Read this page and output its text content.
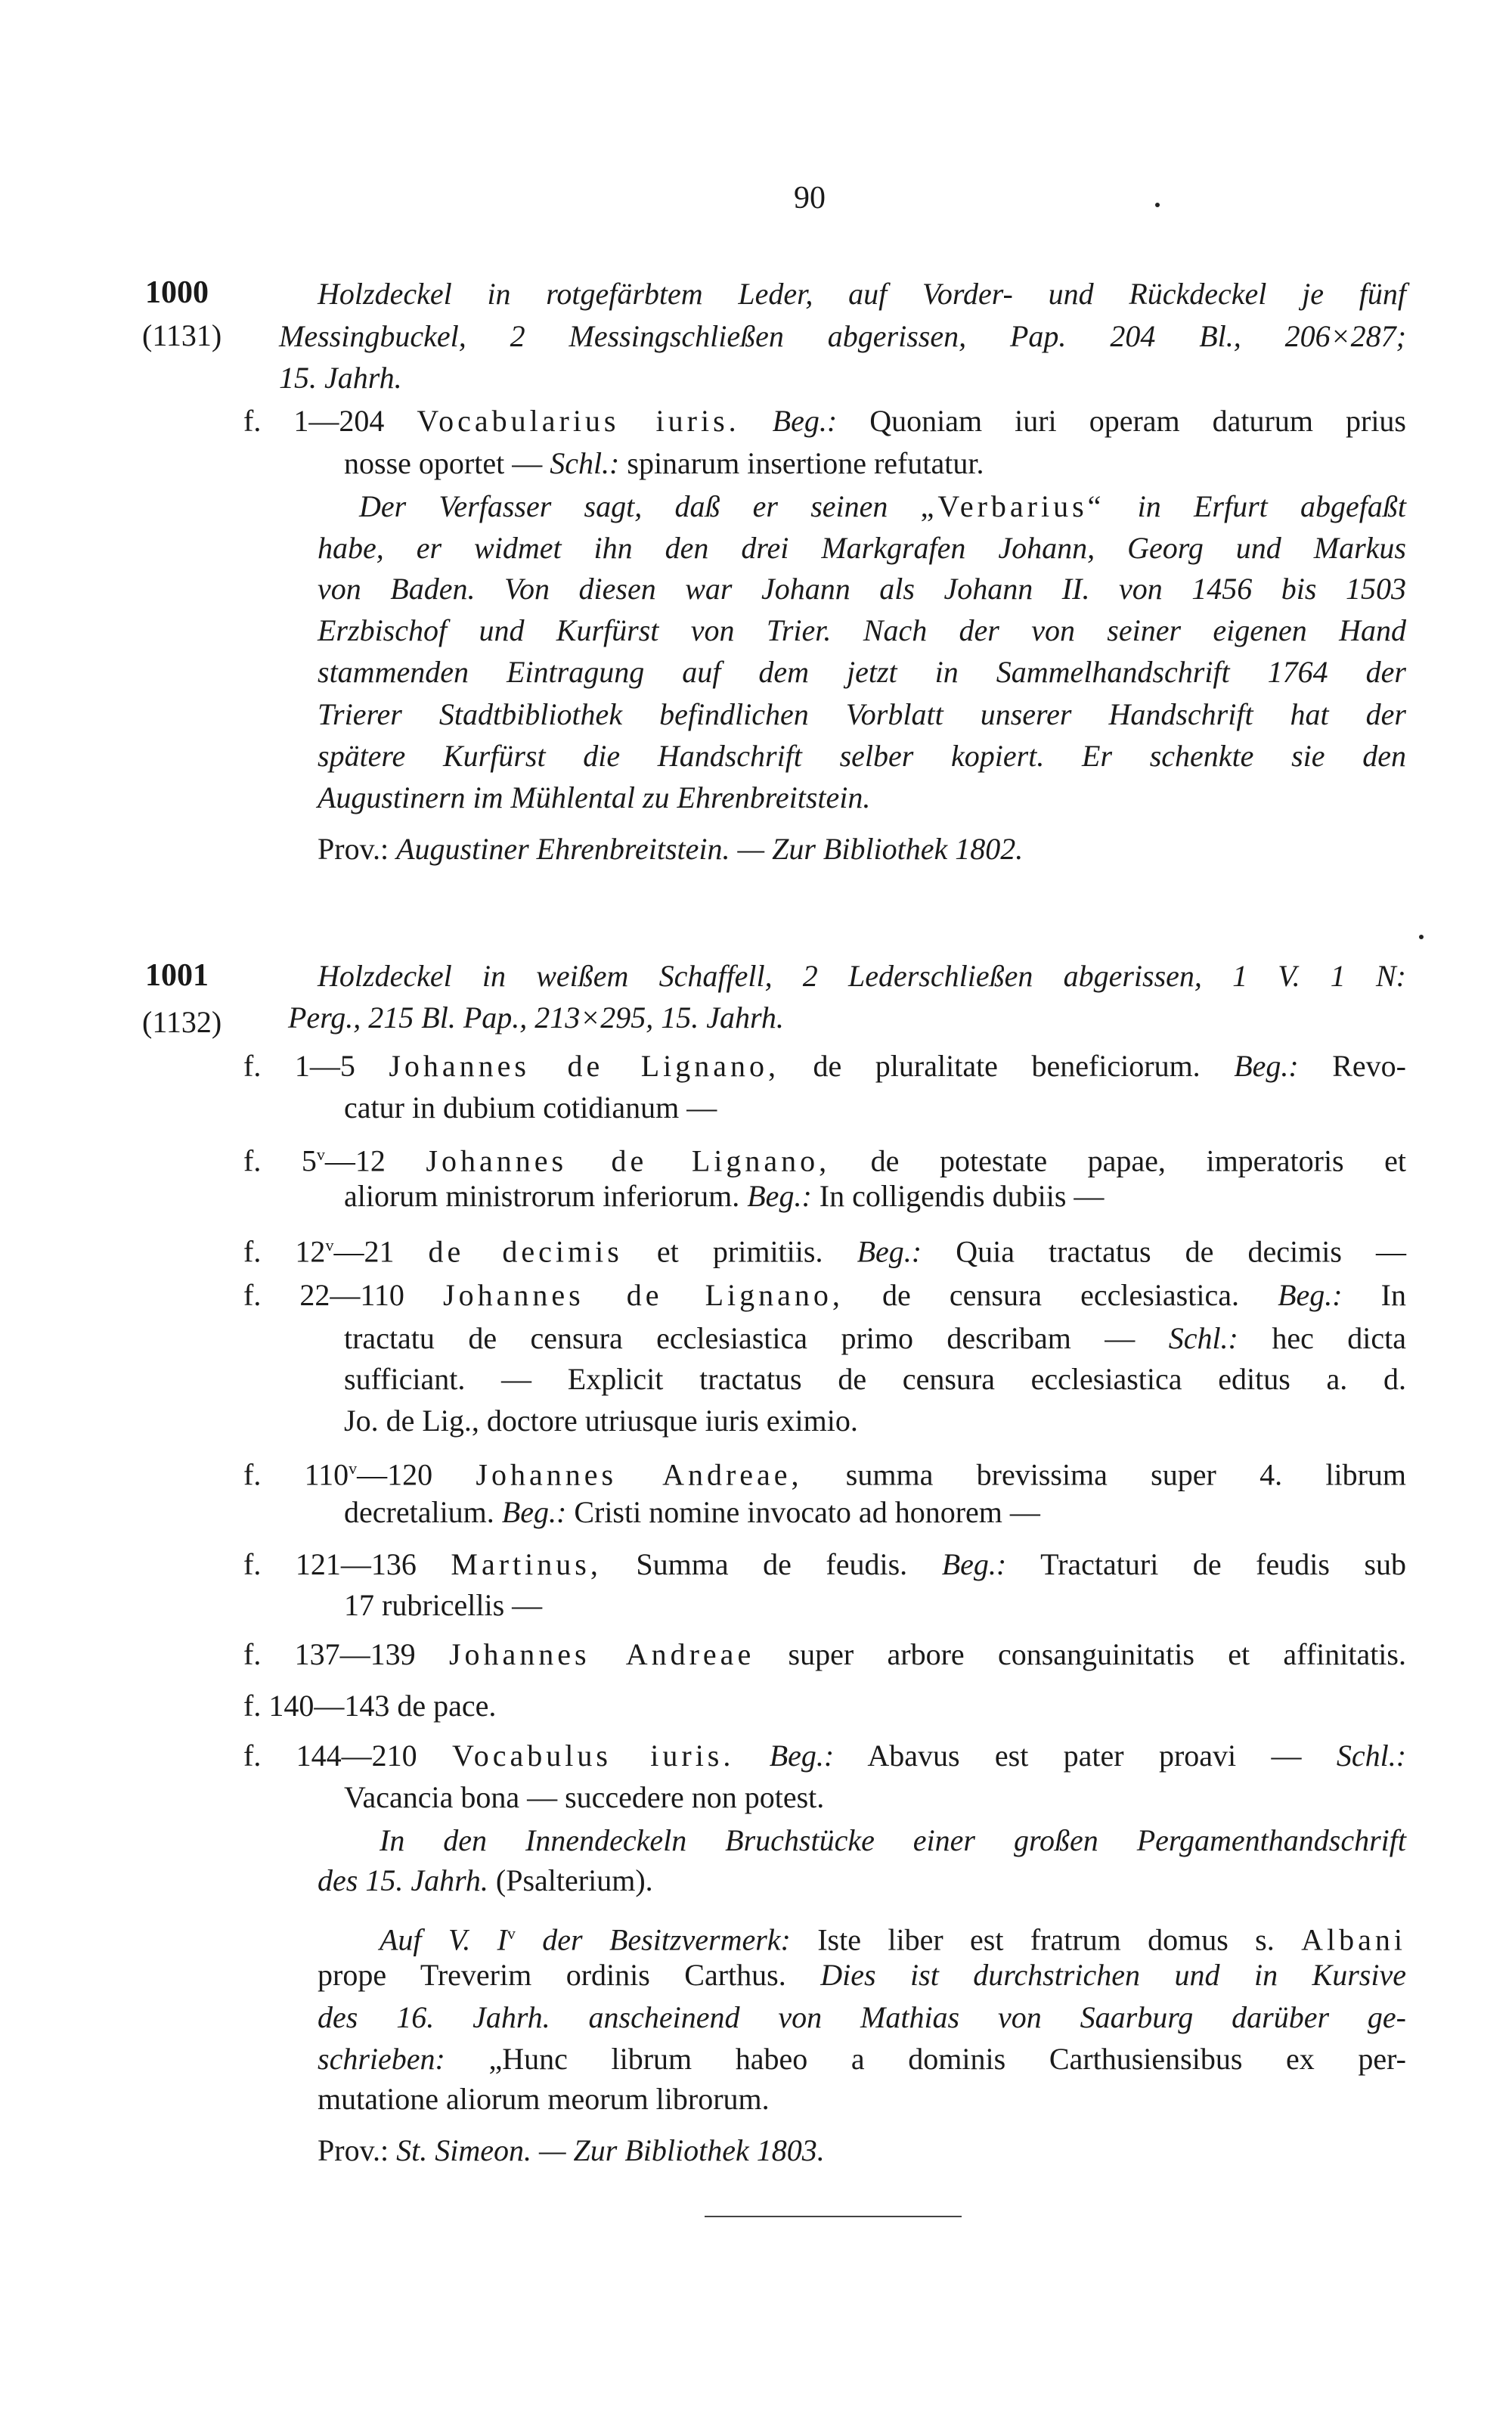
90
1000
(1131)
1001
(1132)
Holzdeckel in rotgefärbtem Leder, auf Vorder- und Rückdeckel je fünf
Messingbuckel, 2 Messingschließen abgerissen, Pap. 204 Bl., 206×287;
15. Jahrh.
f. 1—204 Vocabularius iuris. Beg.: Quoniam iuri operam daturum prius
nosse oportet — Schl.: spinarum insertione refutatur.
Der Verfasser sagt, daß er seinen „Verbarius“ in Erfurt abgefaßt
habe, er widmet ihn den drei Markgrafen Johann, Georg und Markus
von Baden. Von diesen war Johann als Johann II. von 1456 bis 1503
Erzbischof und Kurfürst von Trier. Nach der von seiner eigenen Hand
stammenden Eintragung auf dem jetzt in Sammelhandschrift 1764 der
Trierer Stadtbibliothek befindlichen Vorblatt unserer Handschrift hat der
spätere Kurfürst die Handschrift selber kopiert. Er schenkte sie den
Augustinern im Mühlental zu Ehrenbreitstein.
Prov.: Augustiner Ehrenbreitstein. — Zur Bibliothek 1802.
Holzdeckel in weißem Schaffell, 2 Lederschließen abgerissen, 1 V. 1 N:
Perg., 215 Bl. Pap., 213×295, 15. Jahrh.
f. 1—5 Johannes de Lignano, de pluralitate beneficiorum. Beg.: Revo-
catur in dubium cotidianum —
f. 5$^v$—12 Johannes de Lignano, de potestate papae, imperatoris et
aliorum ministrorum inferiorum. Beg.: In colligendis dubiis —
f. 12$^v$—21 de decimis et primitiis. Beg.: Quia tractatus de decimis —
f. 22—110 Johannes de Lignano, de censura ecclesiastica. Beg.: In
tractatu de censura ecclesiastica primo describam — Schl.: hec dicta
sufficiant. — Explicit tractatus de censura ecclesiastica editus a. d.
Jo. de Lig., doctore utriusque iuris eximio.
f. 110$^v$—120 Johannes Andreae, summa brevissima super 4. librum
decretalium. Beg.: Cristi nomine invocato ad honorem —
f. 121—136 Martinus, Summa de feudis. Beg.: Tractaturi de feudis sub
17 rubricellis —
f. 137—139 Johannes Andreae super arbore consanguinitatis et affinitatis.
f. 140—143 de pace.
f. 144—210 Vocabulus iuris. Beg.: Abavus est pater proavi — Schl.:
Vacancia bona — succedere non potest.
In den Innendeckeln Bruchstücke einer großen Pergamenthandschrift
des 15. Jahrh. (Psalterium).
Auf V. $I^v$ der Besitzvermerk: Iste liber est fratrum domus s. Albani
prope Treverim ordinis Carthus. Dies ist durchstrichen und in Kursive
des 16. Jahrh. anscheinend von Mathias von Saarburg darüber ge-
schrieben: „Hunc librum habeo a dominis Carthusiensibus ex per-
mutatione aliorum meorum librorum.
Prov.: St. Simeon. — Zur Bibliothek 1803.
